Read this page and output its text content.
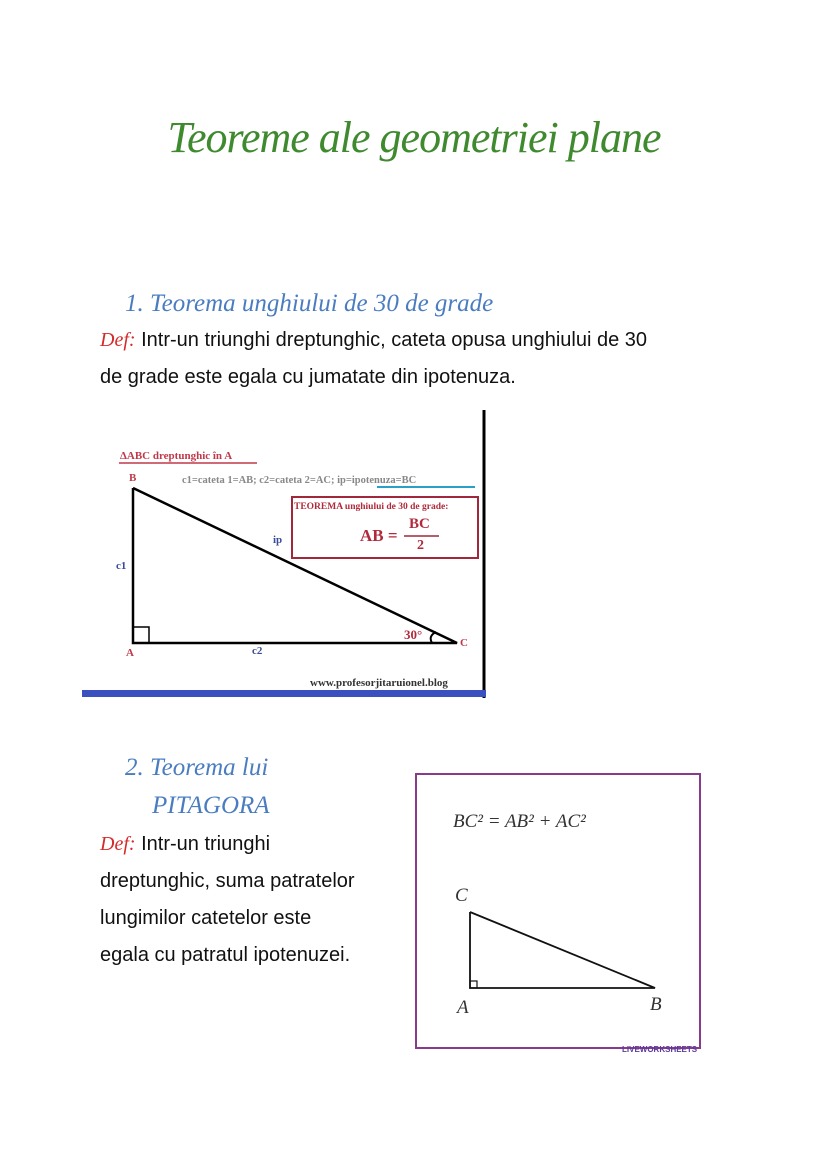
Teoreme ale geometriei plane
1. Teorema unghiului de 30 de grade
Def: Intr-un triunghi dreptunghic, cateta opusa unghiului de 30
de grade este egala cu jumatate din ipotenuza.
ΔABC dreptunghic în A
c1=cateta 1=AB; c2=cateta 2=AC; ip=ipotenuza=BC
TEOREMA unghiului de 30 de grade:
AB =
BC
2
B
A
C
c1
c2
ip
30°
www.profesorjitaruionel.blog
2. Teorema lui
PITAGORA
Def: Intr-un triunghi
dreptunghic, suma patratelor
lungimilor catetelor este
egala cu patratul ipotenuzei.
BC² = AB² + AC²
C
A	B
LIVEWORKSHEETS
